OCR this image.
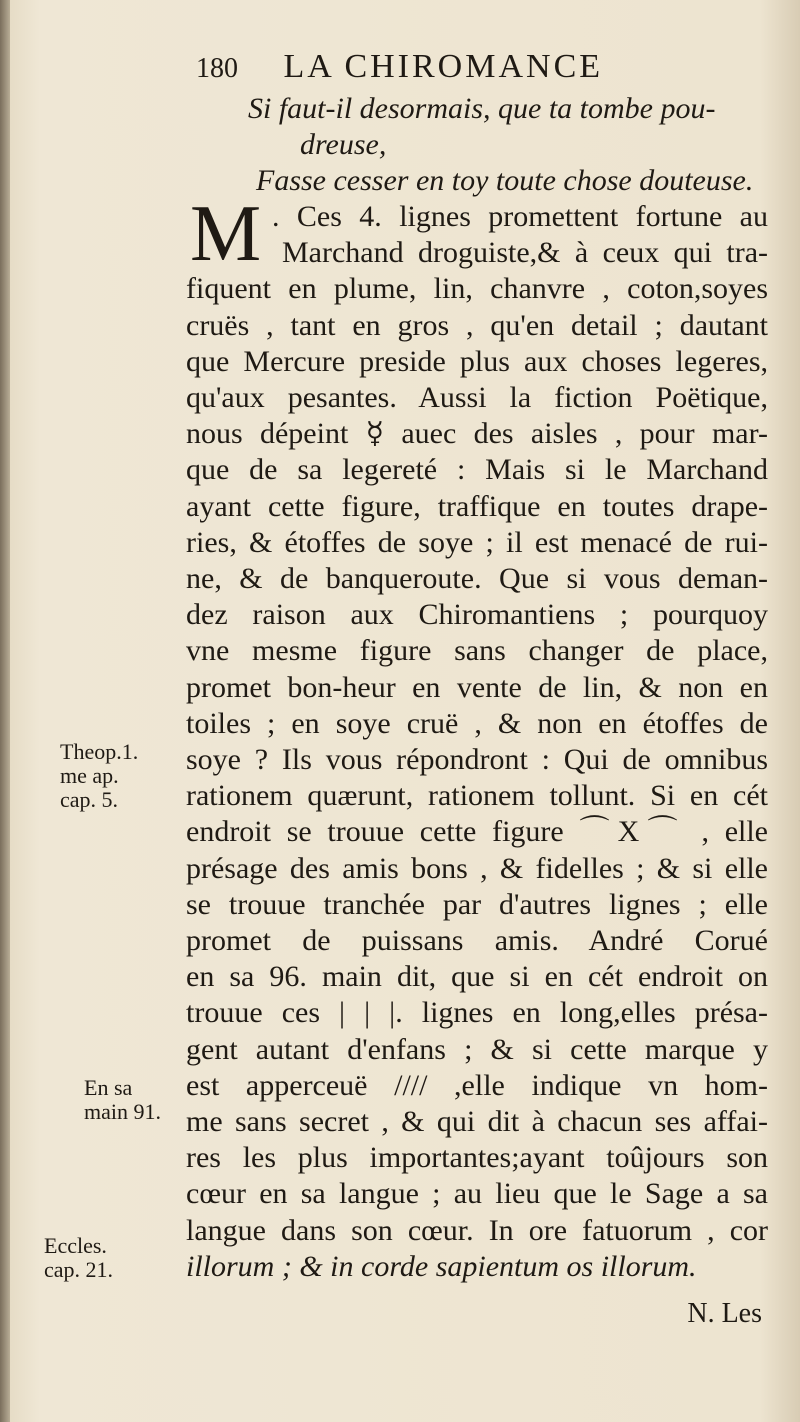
180 LA CHIROMANCE
Si faut-il desormais, que ta tombe pou-
dreuse,
Fasse cesser en toy toute chose douteuse.
M . Ces 4. lignes promettent fortune au
Marchand droguiste,& à ceux qui tra-
fiquent en plume, lin, chanvre , coton,soyes
cruës , tant en gros , qu'en detail ; dautant
que Mercure preside plus aux choses legeres,
qu'aux pesantes. Aussi la fiction Poëtique,
nous dépeint ☿ auec des aisles , pour mar-
que de sa legereté : Mais si le Marchand
ayant cette figure, traffique en toutes drape-
ries, & étoffes de soye ; il est menacé de rui-
ne, & de banqueroute. Que si vous deman-
dez raison aux Chiromantiens ; pourquoy
vne mesme figure sans changer de place,
promet bon-heur en vente de lin, & non en
toiles ; en soye cruë , & non en étoffes de
soye ? Ils vous répondront : Qui de omnibus
rationem quærunt, rationem tollunt. Si en cét
endroit se trouue cette figure ⌒X⌒ , elle
présage des amis bons , & fidelles ; & si elle
se trouue tranchée par d'autres lignes ; elle
promet de puissans amis. André Corué
en sa 96. main dit, que si en cét endroit on
trouue ces | | |. lignes en long,elles présa-
gent autant d'enfans ; & si cette marque y
est apperceuë //// ,elle indique vn hom-
me sans secret , & qui dit à chacun ses affai-
res les plus importantes;ayant toûjours son
cœur en sa langue ; au lieu que le Sage a sa
langue dans son cœur. In ore fatuorum , cor
illorum ; & in corde sapientum os illorum.
Theop.1.
me ap.
cap. 5.
En sa
main 91.
Eccles.
cap. 21.
N. Les
